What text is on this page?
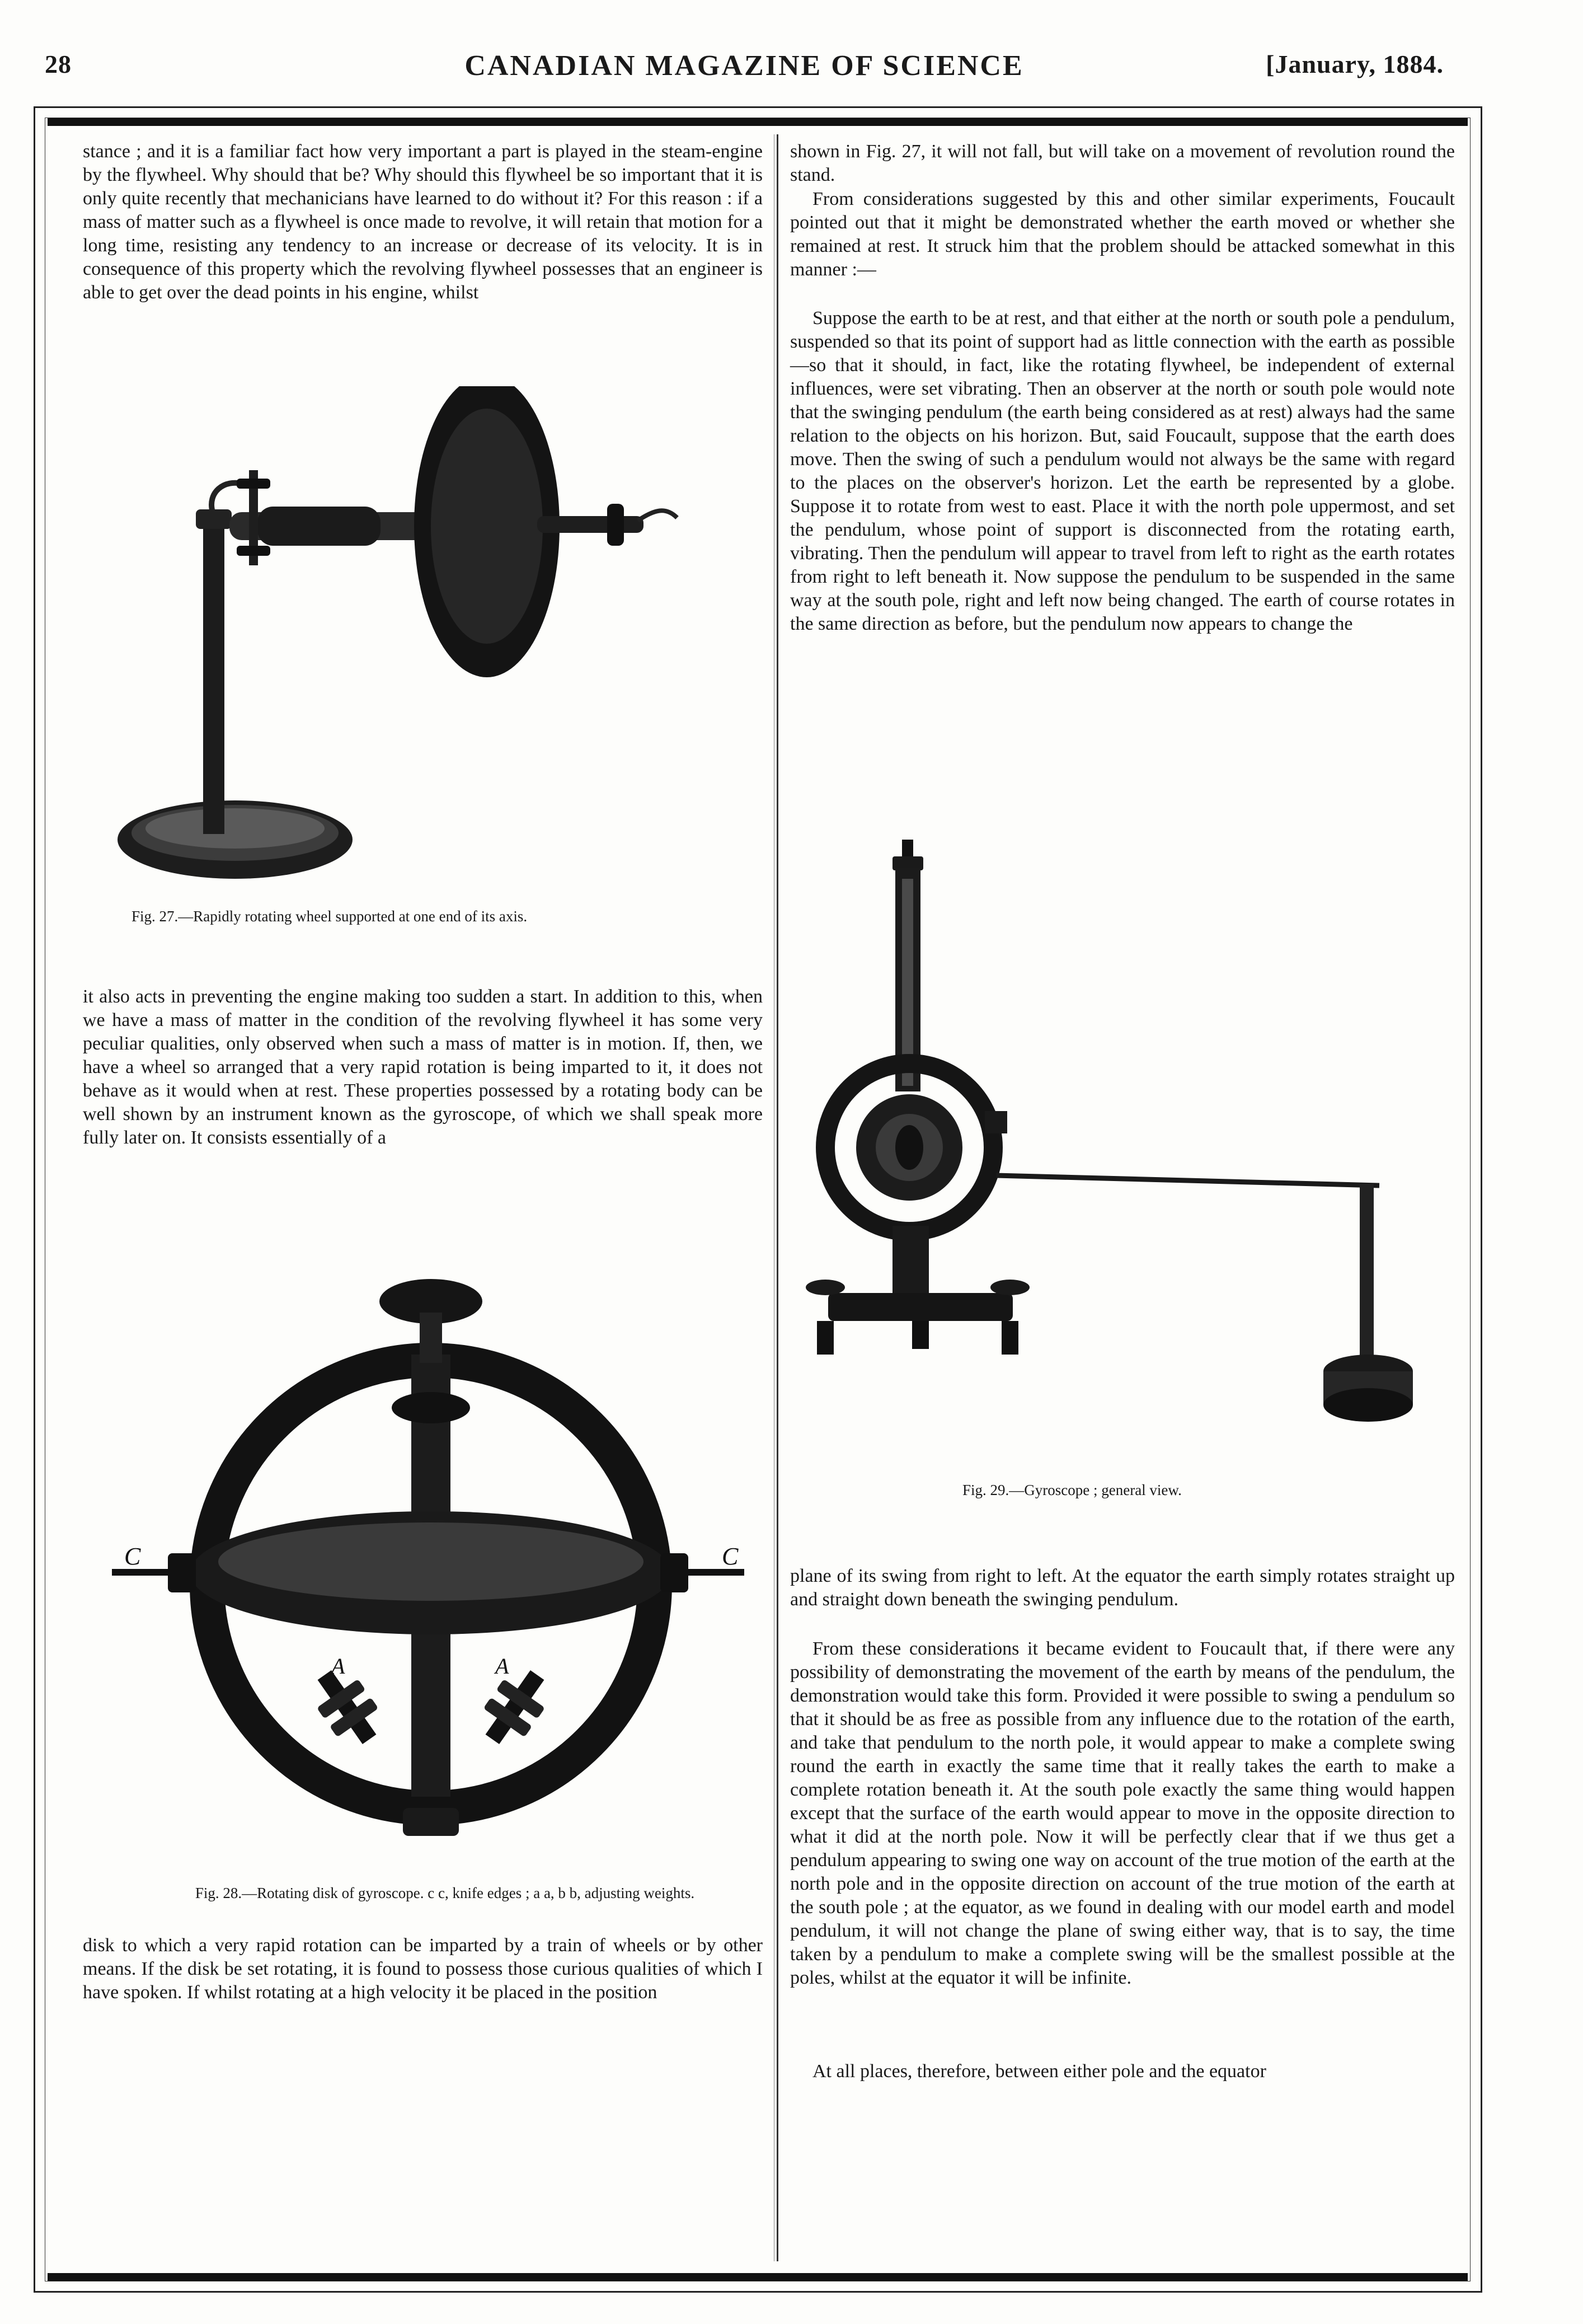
28	CANADIAN MAGAZINE OF SCIENCE	[January, 1884.
stance ; and it is a familiar fact how very important a part is played in the steam-engine by the flywheel. Why should that be? Why should this flywheel be so important that it is only quite recently that mechanicians have learned to do without it? For this reason : if a mass of matter such as a flywheel is once made to revolve, it will retain that motion for a long time, resisting any tendency to an increase or decrease of its velocity. It is in consequence of this property which the revolving flywheel possesses that an engineer is able to get over the dead points in his engine, whilst
Fig. 27.—Rapidly rotating wheel supported at one end of its axis.
it also acts in preventing the engine making too sudden a start. In addition to this, when we have a mass of matter in the condition of the revolving flywheel it has some very peculiar qualities, only observed when such a mass of matter is in motion. If, then, we have a wheel so arranged that a very rapid rotation is being imparted to it, it does not behave as it would when at rest. These properties possessed by a rotating body can be well shown by an instrument known as the gyroscope, of which we shall speak more fully later on. It consists essentially of a
C	C
A	A
Fig. 28.—Rotating disk of gyroscope. c c, knife edges ; a a, b b, adjusting weights.
disk to which a very rapid rotation can be imparted by a train of wheels or by other means. If the disk be set rotating, it is found to possess those curious qualities of which I have spoken. If whilst rotating at a high velocity it be placed in the position
shown in Fig. 27, it will not fall, but will take on a movement of revolution round the stand.
From considerations suggested by this and other similar experiments, Foucault pointed out that it might be demonstrated whether the earth moved or whether she remained at rest. It struck him that the problem should be attacked somewhat in this manner :—
Suppose the earth to be at rest, and that either at the north or south pole a pendulum, suspended so that its point of support had as little connection with the earth as possible—so that it should, in fact, like the rotating flywheel, be independent of external influences, were set vibrating. Then an observer at the north or south pole would note that the swinging pendulum (the earth being considered as at rest) always had the same relation to the objects on his horizon. But, said Foucault, suppose that the earth does move. Then the swing of such a pendulum would not always be the same with regard to the places on the observer's horizon. Let the earth be represented by a globe. Suppose it to rotate from west to east. Place it with the north pole uppermost, and set the pendulum, whose point of support is disconnected from the rotating earth, vibrating. Then the pendulum will appear to travel from left to right as the earth rotates from right to left beneath it. Now suppose the pendulum to be suspended in the same way at the south pole, right and left now being changed. The earth of course rotates in the same direction as before, but the pendulum now appears to change the
Fig. 29.—Gyroscope ; general view.
plane of its swing from right to left. At the equator the earth simply rotates straight up and straight down beneath the swinging pendulum.
From these considerations it became evident to Foucault that, if there were any possibility of demonstrating the movement of the earth by means of the pendulum, the demonstration would take this form. Provided it were possible to swing a pendulum so that it should be as free as possible from any influence due to the rotation of the earth, and take that pendulum to the north pole, it would appear to make a complete swing round the earth in exactly the same time that it really takes the earth to make a complete rotation beneath it. At the south pole exactly the same thing would happen except that the surface of the earth would appear to move in the opposite direction to what it did at the north pole. Now it will be perfectly clear that if we thus get a pendulum appearing to swing one way on account of the true motion of the earth at the north pole and in the opposite direction on account of the true motion of the earth at the south pole ; at the equator, as we found in dealing with our model earth and model pendulum, it will not change the plane of swing either way, that is to say, the time taken by a pendulum to make a complete swing will be the smallest possible at the poles, whilst at the equator it will be infinite.
At all places, therefore, between either pole and the equator
